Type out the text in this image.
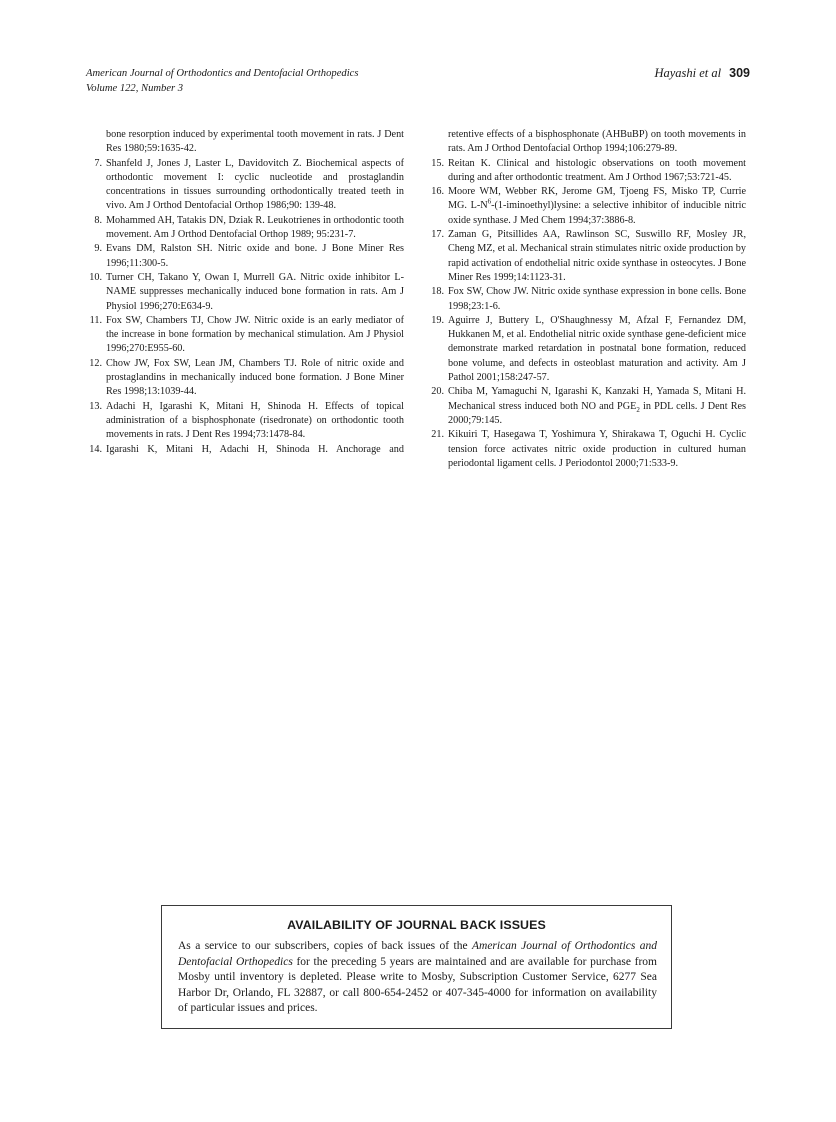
American Journal of Orthodontics and Dentofacial Orthopedics
Volume 122, Number 3
Hayashi et al 309
bone resorption induced by experimental tooth movement in rats. J Dent Res 1980;59:1635-42.
7. Shanfeld J, Jones J, Laster L, Davidovitch Z. Biochemical aspects of orthodontic movement I: cyclic nucleotide and prostaglandin concentrations in tissues surrounding orthodontically treated teeth in vivo. Am J Orthod Dentofacial Orthop 1986;90: 139-48.
8. Mohammed AH, Tatakis DN, Dziak R. Leukotrienes in orthodontic tooth movement. Am J Orthod Dentofacial Orthop 1989; 95:231-7.
9. Evans DM, Ralston SH. Nitric oxide and bone. J Bone Miner Res 1996;11:300-5.
10. Turner CH, Takano Y, Owan I, Murrell GA. Nitric oxide inhibitor L-NAME suppresses mechanically induced bone formation in rats. Am J Physiol 1996;270:E634-9.
11. Fox SW, Chambers TJ, Chow JW. Nitric oxide is an early mediator of the increase in bone formation by mechanical stimulation. Am J Physiol 1996;270:E955-60.
12. Chow JW, Fox SW, Lean JM, Chambers TJ. Role of nitric oxide and prostaglandins in mechanically induced bone formation. J Bone Miner Res 1998;13:1039-44.
13. Adachi H, Igarashi K, Mitani H, Shinoda H. Effects of topical administration of a bisphosphonate (risedronate) on orthodontic tooth movements in rats. J Dent Res 1994;73:1478-84.
14. Igarashi K, Mitani H, Adachi H, Shinoda H. Anchorage and
retentive effects of a bisphosphonate (AHBuBP) on tooth movements in rats. Am J Orthod Dentofacial Orthop 1994;106:279-89.
15. Reitan K. Clinical and histologic observations on tooth movement during and after orthodontic treatment. Am J Orthod 1967;53:721-45.
16. Moore WM, Webber RK, Jerome GM, Tjoeng FS, Misko TP, Currie MG. $L-N^6-(1-iminoethyl)lysine$: a selective inhibitor of inducible nitric oxide synthase. J Med Chem 1994;37:3886-8.
17. Zaman G, Pitsillides AA, Rawlinson SC, Suswillo RF, Mosley JR, Cheng MZ, et al. Mechanical strain stimulates nitric oxide production by rapid activation of endothelial nitric oxide synthase in osteocytes. J Bone Miner Res 1999;14:1123-31.
18. Fox SW, Chow JW. Nitric oxide synthase expression in bone cells. Bone 1998;23:1-6.
19. Aguirre J, Buttery L, O'Shaughnessy M, Afzal F, Fernandez DM, Hukkanen M, et al. Endothelial nitric oxide synthase gene-deficient mice demonstrate marked retardation in postnatal bone formation, reduced bone volume, and defects in osteoblast maturation and activity. Am J Pathol 2001;158:247-57.
20. Chiba M, Yamaguchi N, Igarashi K, Kanzaki H, Yamada S, Mitani H. Mechanical stress induced both NO and $PGE_2$ in PDL cells. J Dent Res 2000;79:145.
21. Kikuiri T, Hasegawa T, Yoshimura Y, Shirakawa T, Oguchi H. Cyclic tension force activates nitric oxide production in cultured human periodontal ligament cells. J Periodontol 2000;71:533-9.
AVAILABILITY OF JOURNAL BACK ISSUES
As a service to our subscribers, copies of back issues of the American Journal of Orthodontics and Dentofacial Orthopedics for the preceding 5 years are maintained and are available for purchase from Mosby until inventory is depleted. Please write to Mosby, Subscription Customer Service, 6277 Sea Harbor Dr, Orlando, FL 32887, or call 800-654-2452 or 407-345-4000 for information on availability of particular issues and prices.
